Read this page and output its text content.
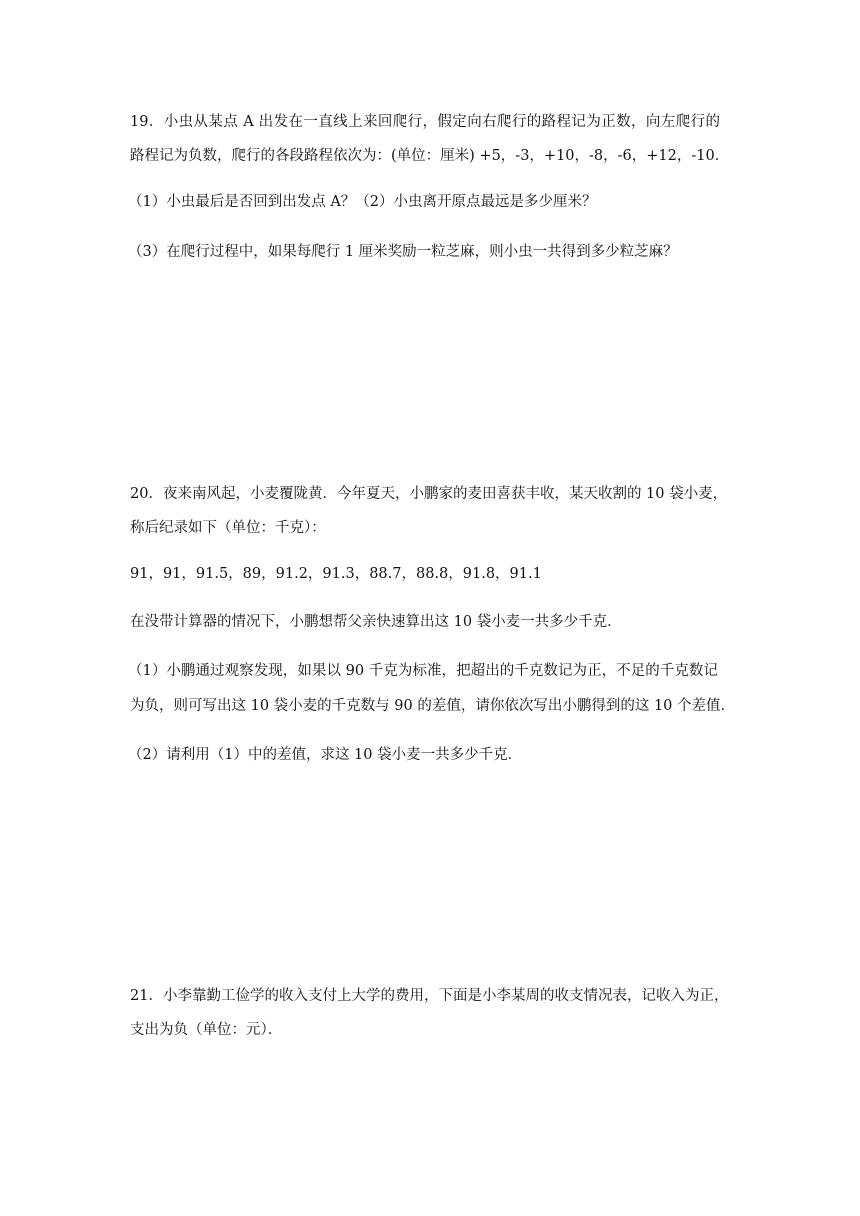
19．小虫从某点 A 出发在一直线上来回爬行，假定向右爬行的路程记为正数，向左爬行的

路程记为负数，爬行的各段路程依次为：(单位：厘米) +5，-3，+10，-8，-6，+12，-10．

（1）小虫最后是否回到出发点 A？（2）小虫离开原点最远是多少厘米？

（3）在爬行过程中，如果每爬行 1 厘米奖励一粒芝麻，则小虫一共得到多少粒芝麻？

20．夜来南风起，小麦覆陇黄．今年夏天，小鹏家的麦田喜获丰收，某天收割的 10 袋小麦，

称后纪录如下（单位：千克）：

91，91，91.5，89，91.2，91.3，88.7，88.8，91.8，91.1

在没带计算器的情况下，小鹏想帮父亲快速算出这 10 袋小麦一共多少千克．

（1）小鹏通过观察发现，如果以 90 千克为标准，把超出的千克数记为正，不足的千克数记

为负，则可写出这 10 袋小麦的千克数与 90 的差值，请你依次写出小鹏得到的这 10 个差值．

（2）请利用（1）中的差值，求这 10 袋小麦一共多少千克．

21．小李靠勤工俭学的收入支付上大学的费用，下面是小李某周的收支情况表，记收入为正，

支出为负（单位：元）．
